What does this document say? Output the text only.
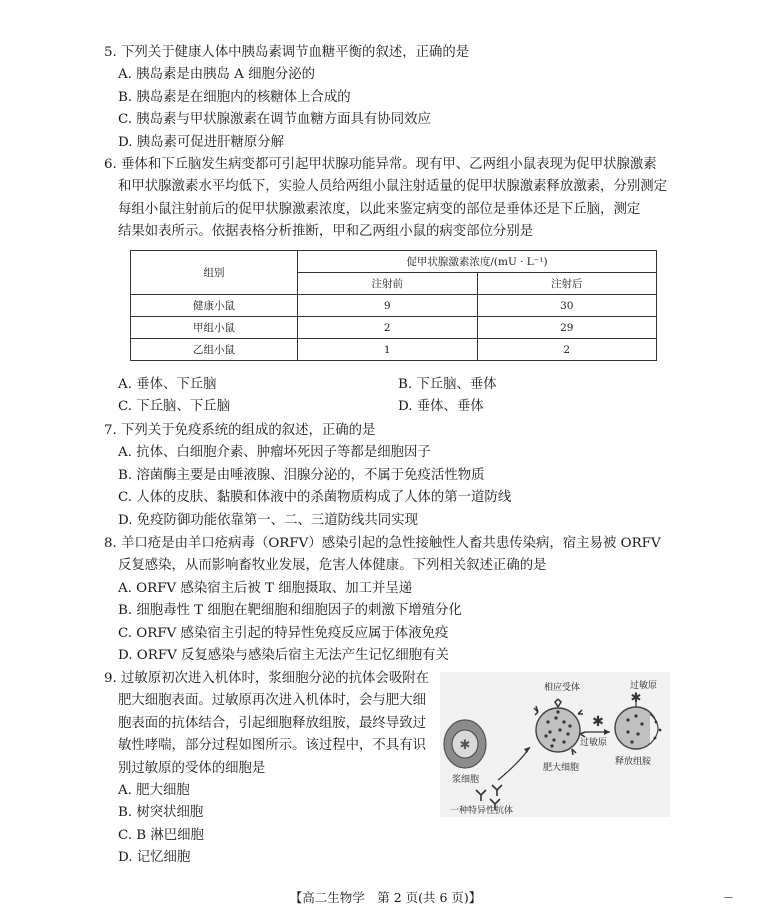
5. 下列关于健康人体中胰岛素调节血糖平衡的叙述，正确的是
A. 胰岛素是由胰岛 A 细胞分泌的
B. 胰岛素是在细胞内的核糖体上合成的
C. 胰岛素与甲状腺激素在调节血糖方面具有协同效应
D. 胰岛素可促进肝糖原分解
6. 垂体和下丘脑发生病变都可引起甲状腺功能异常。现有甲、乙两组小鼠表现为促甲状腺激素
和甲状腺激素水平均低下，实验人员给两组小鼠注射适量的促甲状腺激素释放激素，分别测定
每组小鼠注射前后的促甲状腺激素浓度，以此来鉴定病变的部位是垂体还是下丘脑，测定
结果如表所示。依据表格分析推断，甲和乙两组小鼠的病变部位分别是
组别	促甲状腺激素浓度/(mU · L⁻¹)	
	注射前	注射后
健康小鼠	9	30
甲组小鼠	2	29
乙组小鼠	1	2
A. 垂体、下丘脑	B. 下丘脑、垂体
C. 下丘脑、下丘脑	D. 垂体、垂体
7. 下列关于免疫系统的组成的叙述，正确的是
A. 抗体、白细胞介素、肿瘤坏死因子等都是细胞因子
B. 溶菌酶主要是由唾液腺、泪腺分泌的，不属于免疫活性物质
C. 人体的皮肤、黏膜和体液中的杀菌物质构成了人体的第一道防线
D. 免疫防御功能依靠第一、二、三道防线共同实现
8. 羊口疮是由羊口疮病毒（ORFV）感染引起的急性接触性人畜共患传染病，宿主易被 ORFV
反复感染，从而影响畜牧业发展，危害人体健康。下列相关叙述正确的是
A. ORFV 感染宿主后被 T 细胞摄取、加工并呈递
B. 细胞毒性 T 细胞在靶细胞和细胞因子的刺激下增殖分化
C. ORFV 感染宿主引起的特异性免疫反应属于体液免疫
D. ORFV 反复感染与感染后宿主无法产生记忆细胞有关
9. 过敏原初次进入机体时，浆细胞分泌的抗体会吸附在
肥大细胞表面。过敏原再次进入机体时，会与肥大细
胞表面的抗体结合，引起细胞释放组胺，最终导致过
敏性哮喘，部分过程如图所示。该过程中，不具有识
别过敏原的受体的细胞是
A. 肥大细胞
B. 树突状细胞
C. B 淋巴细胞
D. 记忆细胞
✱
✱
✱
相应受体	过敏原
过敏原
浆细胞
肥大细胞
释放组胺
一种特异性抗体
【高二生物学　第 2 页(共 6 页)】	—
